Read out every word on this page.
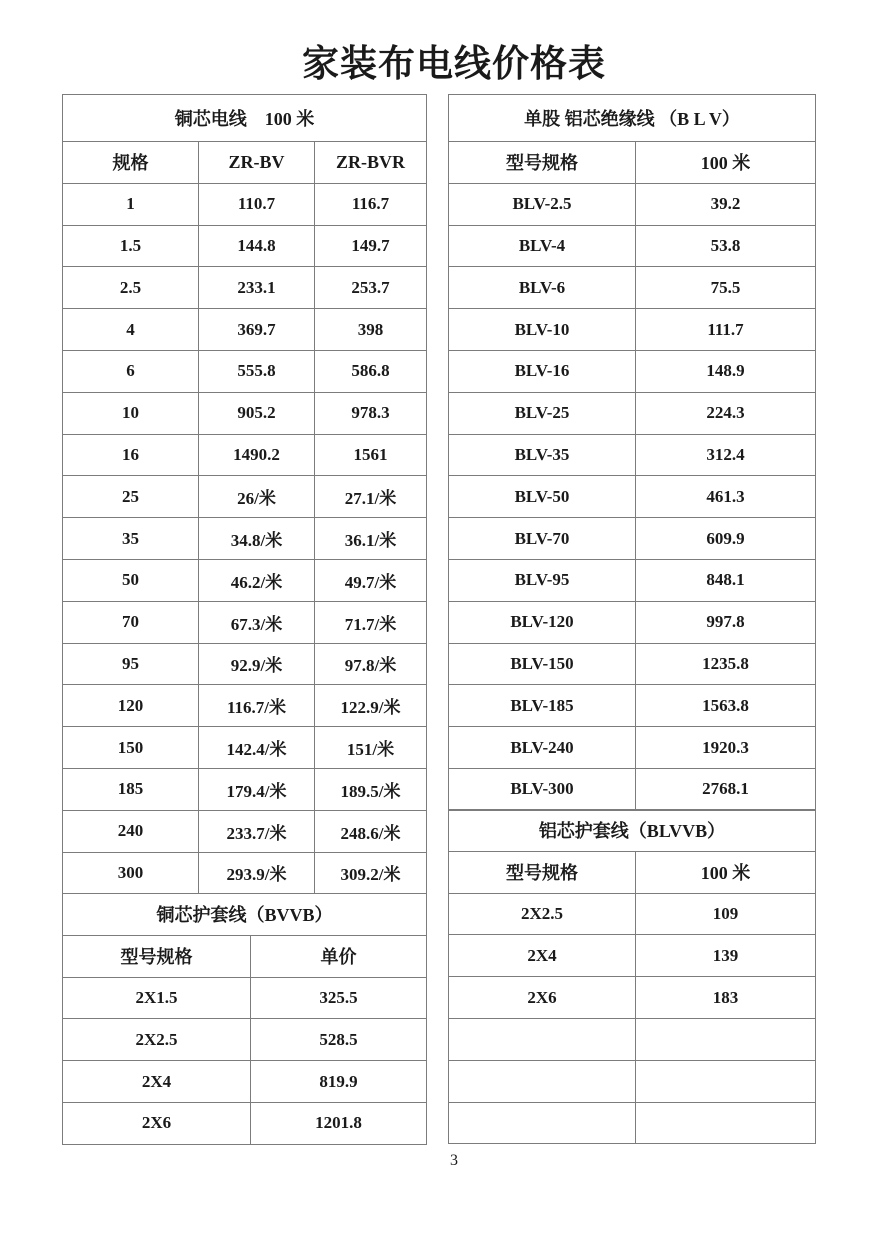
家装布电线价格表
铜芯电线　100 米		
规格	ZR-BV	ZR-BVR
1	110.7	116.7
1.5	144.8	149.7
2.5	233.1	253.7
4	369.7	398
6	555.8	586.8
10	905.2	978.3
16	1490.2	1561
25	26/米	27.1/米
35	34.8/米	36.1/米
50	46.2/米	49.7/米
70	67.3/米	71.7/米
95	92.9/米	97.8/米
120	116.7/米	122.9/米
150	142.4/米	151/米
185	179.4/米	189.5/米
240	233.7/米	248.6/米
300	293.9/米	309.2/米
铜芯护套线（BVVB）	
型号规格	单价
2X1.5	325.5
2X2.5	528.5
2X4	819.9
2X6	1201.8
单股 铝芯绝缘线 （B L V）	
型号规格	100 米
BLV-2.5	39.2
BLV-4	53.8
BLV-6	75.5
BLV-10	111.7
BLV-16	148.9
BLV-25	224.3
BLV-35	312.4
BLV-50	461.3
BLV-70	609.9
BLV-95	848.1
BLV-120	997.8
BLV-150	1235.8
BLV-185	1563.8
BLV-240	1920.3
BLV-300	2768.1
铝芯护套线（BLVVB）	
型号规格	100 米
2X2.5	109
2X4	139
2X6	183

3
